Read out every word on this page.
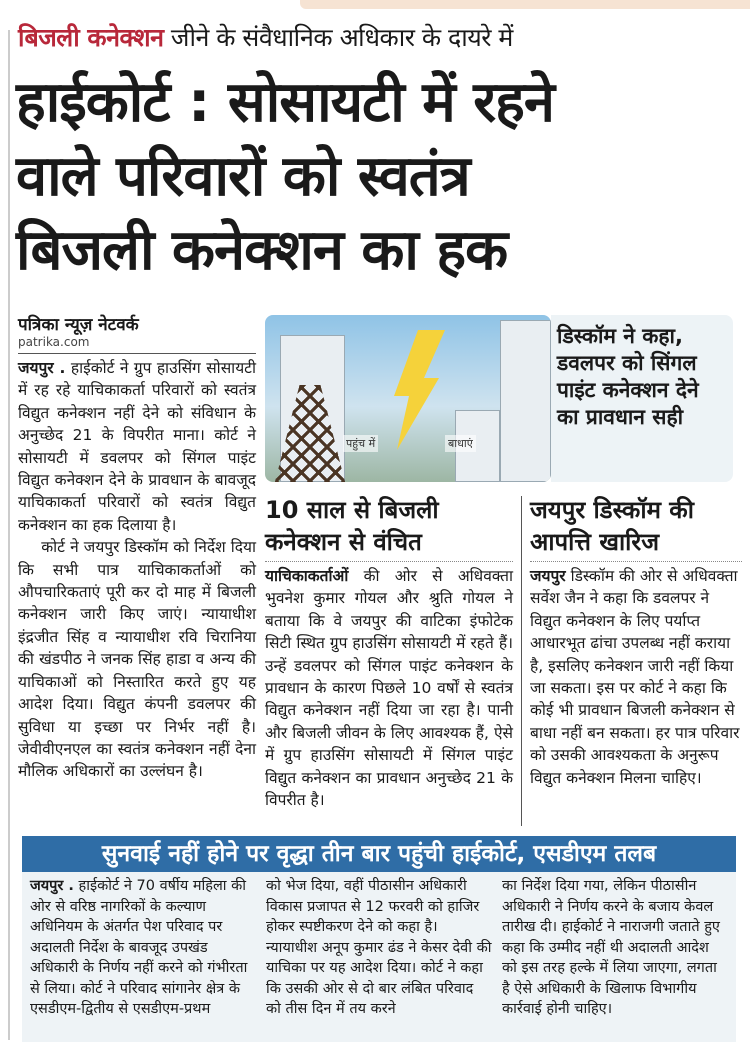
बिजली कनेक्शन जीने के संवैधानिक अधिकार के दायरे में
हाईकोर्ट : सोसायटी में रहने
वाले परिवारों को स्वतंत्र
बिजली कनेक्शन का हक
पत्रिका न्यूज़ नेटवर्क
patrika.com

जयपुर . हाईकोर्ट ने ग्रुप हाउसिंग सोसायटी में रह रहे याचिकाकर्ता परिवारों को स्वतंत्र विद्युत कनेक्शन नहीं देने को संविधान के अनुच्छेद 21 के विपरीत माना। कोर्ट ने सोसायटी में डवलपर को सिंगल पाइंट विद्युत कनेक्शन देने के प्रावधान के बावजूद याचिकाकर्ता परिवारों को स्वतंत्र विद्युत कनेक्शन का हक दिलाया है।

कोर्ट ने जयपुर डिस्कॉम को निर्देश दिया कि सभी पात्र याचिकाकर्ताओं को औपचारिकताएं पूरी कर दो माह में बिजली कनेक्शन जारी किए जाएं। न्यायाधीश इंद्रजीत सिंह व न्यायाधीश रवि चिरानिया की खंडपीठ ने जनक सिंह हाडा व अन्य की याचिकाओं को निस्तारित करते हुए यह आदेश दिया। विद्युत कंपनी डवलपर की सुविधा या इच्छा पर निर्भर नहीं है। जेवीवीएनएल का स्वतंत्र कनेक्शन नहीं देना मौलिक अधिकारों का उल्लंघन है।

पहुंच में	बाधाएं
डिस्कॉम ने कहा, डवलपर को सिंगल पाइंट कनेक्शन देने का प्रावधान सही
10 साल से बिजली कनेक्शन से वंचित

याचिकाकर्ताओं की ओर से अधिवक्ता भुवनेश कुमार गोयल और श्रुति गोयल ने बताया कि वे जयपुर की वाटिका इंफोटेक सिटी स्थित ग्रुप हाउसिंग सोसायटी में रहते हैं। उन्हें डवलपर को सिंगल पाइंट कनेक्शन के प्रावधान के कारण पिछले 10 वर्षों से स्वतंत्र विद्युत कनेक्शन नहीं दिया जा रहा है। पानी और बिजली जीवन के लिए आवश्यक हैं, ऐसे में ग्रुप हाउसिंग सोसायटी में सिंगल पाइंट विद्युत कनेक्शन का प्रावधान अनुच्छेद 21 के विपरीत है।

जयपुर डिस्कॉम की आपत्ति खारिज

जयपुर डिस्कॉम की ओर से अधिवक्ता सर्वेश जैन ने कहा कि डवलपर ने विद्युत कनेक्शन के लिए पर्याप्त आधारभूत ढांचा उपलब्ध नहीं कराया है, इसलिए कनेक्शन जारी नहीं किया जा सकता। इस पर कोर्ट ने कहा कि कोई भी प्रावधान बिजली कनेक्शन से बाधा नहीं बन सकता। हर पात्र परिवार को उसकी आवश्यकता के अनुरूप विद्युत कनेक्शन मिलना चाहिए।

सुनवाई नहीं होने पर वृद्धा तीन बार पहुंची हाईकोर्ट, एसडीएम तलब

जयपुर . हाईकोर्ट ने 70 वर्षीय महिला की ओर से वरिष्ठ नागरिकों के कल्याण अधिनियम के अंतर्गत पेश परिवाद पर अदालती निर्देश के बावजूद उपखंड अधिकारी के निर्णय नहीं करने को गंभीरता से लिया। कोर्ट ने परिवाद सांगानेर क्षेत्र के एसडीएम-द्वितीय से एसडीएम-प्रथम

को भेज दिया, वहीं पीठासीन अधिकारी विकास प्रजापत से 12 फरवरी को हाजिर होकर स्पष्टीकरण देने को कहा है। न्यायाधीश अनूप कुमार ढंड ने केसर देवी की याचिका पर यह आदेश दिया। कोर्ट ने कहा कि उसकी ओर से दो बार लंबित परिवाद को तीस दिन में तय करने

का निर्देश दिया गया, लेकिन पीठासीन अधिकारी ने निर्णय करने के बजाय केवल तारीख दी। हाईकोर्ट ने नाराजगी जताते हुए कहा कि उम्मीद नहीं थी अदालती आदेश को इस तरह हल्के में लिया जाएगा, लगता है ऐसे अधिकारी के खिलाफ विभागीय कार्रवाई होनी चाहिए।
